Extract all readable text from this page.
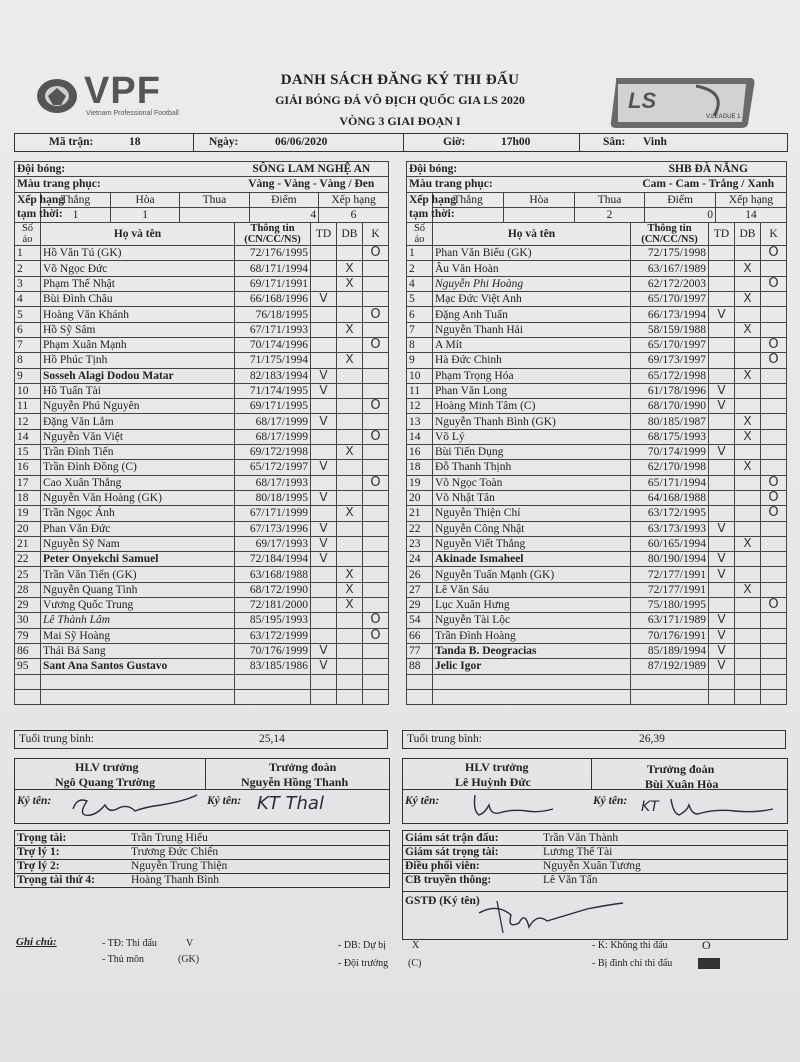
VPF
Vietnam Professional Football
LS
V.LEAGUE 1
DANH SÁCH ĐĂNG KÝ THI ĐẤU
GIẢI BÓNG ĐÁ VÔ ĐỊCH QUỐC GIA LS 2020
VÒNG 3 GIAI ĐOẠN I
Mã trận:	18	Ngày:	06/06/2020	Giờ:	17h00	Sân: Vinh
Đội bóng:	SÔNG LAM NGHỆ AN
Màu trang phục:	Vàng - Vàng - Vàng / Đen

Xếp hạng
tạm thời:

Thắng	Hòa	Thua	Điểm	Xếp hạng
1	1		4	6

Số
áo	Họ và tên	Thông tin
(CN/CC/NS)	TD	DB	K
1	Hồ Văn Tú (GK)	72/176/1995			O
2	Võ Ngọc Đức	68/171/1994		X	
3	Phạm Thế Nhật	69/171/1991		X	
4	Bùi Đình Châu	66/168/1996	V		
5	Hoàng Văn Khánh	76/18/1995			O
6	Hồ Sỹ Sâm	67/171/1993		X	
7	Phạm Xuân Mạnh	70/174/1996			O
8	Hồ Phúc Tịnh	71/175/1994		X	
9	Sosseh Alagi Dodou Matar	82/183/1994	V		
10	Hồ Tuấn Tài	71/174/1995	V		
11	Nguyễn Phú Nguyên	69/171/1995			O
12	Đặng Văn Lắm	68/17/1999	V		
14	Nguyễn Văn Việt	68/17/1999			O
15	Trần Đình Tiến	69/172/1998		X	
16	Trần Đình Đồng (C)	65/172/1997	V		
17	Cao Xuân Thắng	68/17/1993			O
18	Nguyễn Văn Hoàng (GK)	80/18/1995	V		
19	Trần Ngọc Ánh	67/171/1999		X	
20	Phan Văn Đức	67/173/1996	V		
21	Nguyễn Sỹ Nam	69/17/1993	V		
22	Peter Onyekchi Samuel	72/184/1994	V		
25	Trần Văn Tiến (GK)	63/168/1988		X	
28	Nguyễn Quang Tình	68/172/1990		X	
29	Vương Quốc Trung	72/181/2000		X	
30	Lê Thành Lâm	85/195/1993			O
79	Mai Sỹ Hoàng	63/172/1999			O
86	Thái Bá Sang	70/176/1999	V		
95	Sant Ana Santos Gustavo	83/185/1986	V		

Đội bóng:	SHB ĐÀ NẴNG
Màu trang phục:	Cam - Cam - Trắng / Xanh

Xếp hạng
tạm thời:

Thắng	Hòa	Thua	Điểm	Xếp hạng
		2	0	14

Số
áo	Họ và tên	Thông tin
(CN/CC/NS)	TD	DB	K
1	Phan Văn Biểu (GK)	72/175/1998			O
2	Âu Văn Hoàn	63/167/1989		X	
4	Nguyễn Phi Hoàng	62/172/2003			O
5	Mạc Đức Việt Anh	65/170/1997		X	
6	Đặng Anh Tuấn	66/173/1994	V		
7	Nguyễn Thanh Hải	58/159/1988		X	
8	A Mít	65/170/1997			O
9	Hà Đức Chinh	69/173/1997			O
10	Phạm Trọng Hóa	65/172/1998		X	
11	Phan Văn Long	61/178/1996	V		
12	Hoàng Minh Tâm (C)	68/170/1990	V		
13	Nguyễn Thanh Bình (GK)	80/185/1987		X	
14	Võ Lý	68/175/1993		X	
16	Bùi Tiến Dụng	70/174/1999	V		
18	Đỗ Thanh Thịnh	62/170/1998		X	
19	Võ Ngọc Toàn	65/171/1994			O
20	Võ Nhật Tân	64/168/1988			O
21	Nguyễn Thiện Chí	63/172/1995			O
22	Nguyễn Công Nhật	63/173/1993	V		
23	Nguyễn Viết Thắng	60/165/1994		X	
24	Akinade Ismaheel	80/190/1994	V		
26	Nguyễn Tuấn Mạnh (GK)	72/177/1991	V		
27	Lê Văn Sáu	72/177/1991		X	
29	Lục Xuân Hưng	75/180/1995			O
54	Nguyễn Tài Lộc	63/171/1989	V		
66	Trần Đình Hoàng	70/176/1991	V		
77	Tanda B. Deogracias	85/189/1994	V		
88	Jelic Igor	87/192/1989	V		

Tuổi trung bình:	25,14	Tuổi trung bình:	26,39
HLV trưởng
Ngô Quang Trường
Trưởng đoàn
Nguyễn Hồng Thanh
Ký tên:	Ký tên: KT Thal
HLV trưởng
Lê Huỳnh Đức
Trưởng đoàn
Bùi Xuân Hòa
Ký tên:	Ký tên: KT
Trọng tài:	Trần Trung Hiếu
Trợ lý 1:	Trương Đức Chiến
Trợ lý 2:	Nguyễn Trung Thiện
Trọng tài thứ 4:	Hoàng Thanh Bình
GSTĐ (Ký tên)
Giám sát trận đấu:	Trần Văn Thành
Giám sát trọng tài:	Lương Thế Tài
Điều phối viên:	Nguyễn Xuân Tương
CB truyền thông:	Lê Văn Tấn
Ghi chú:	- TĐ: Thi đấu	V
- Thủ môn	(GK)
- DB: Dự bị	X
- Đội trưởng (C)
- K: Không thi đấu	O
- Bị đình chỉ thi đấu
